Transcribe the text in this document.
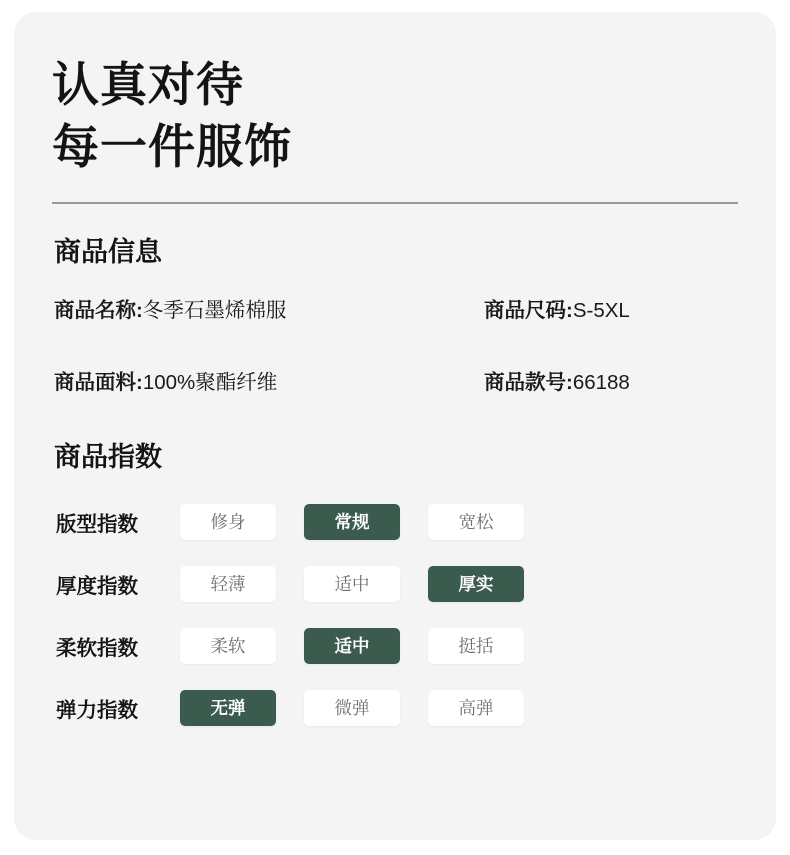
认真对待
每一件服饰
商品信息
商品名称:冬季石墨烯棉服	商品尺码:S-5XL
商品面料:100%聚酯纤维	商品款号:66188
商品指数
版型指数	修身	常规	宽松
厚度指数	轻薄	适中	厚实
柔软指数	柔软	适中	挺括
弹力指数	无弹	微弹	高弹
